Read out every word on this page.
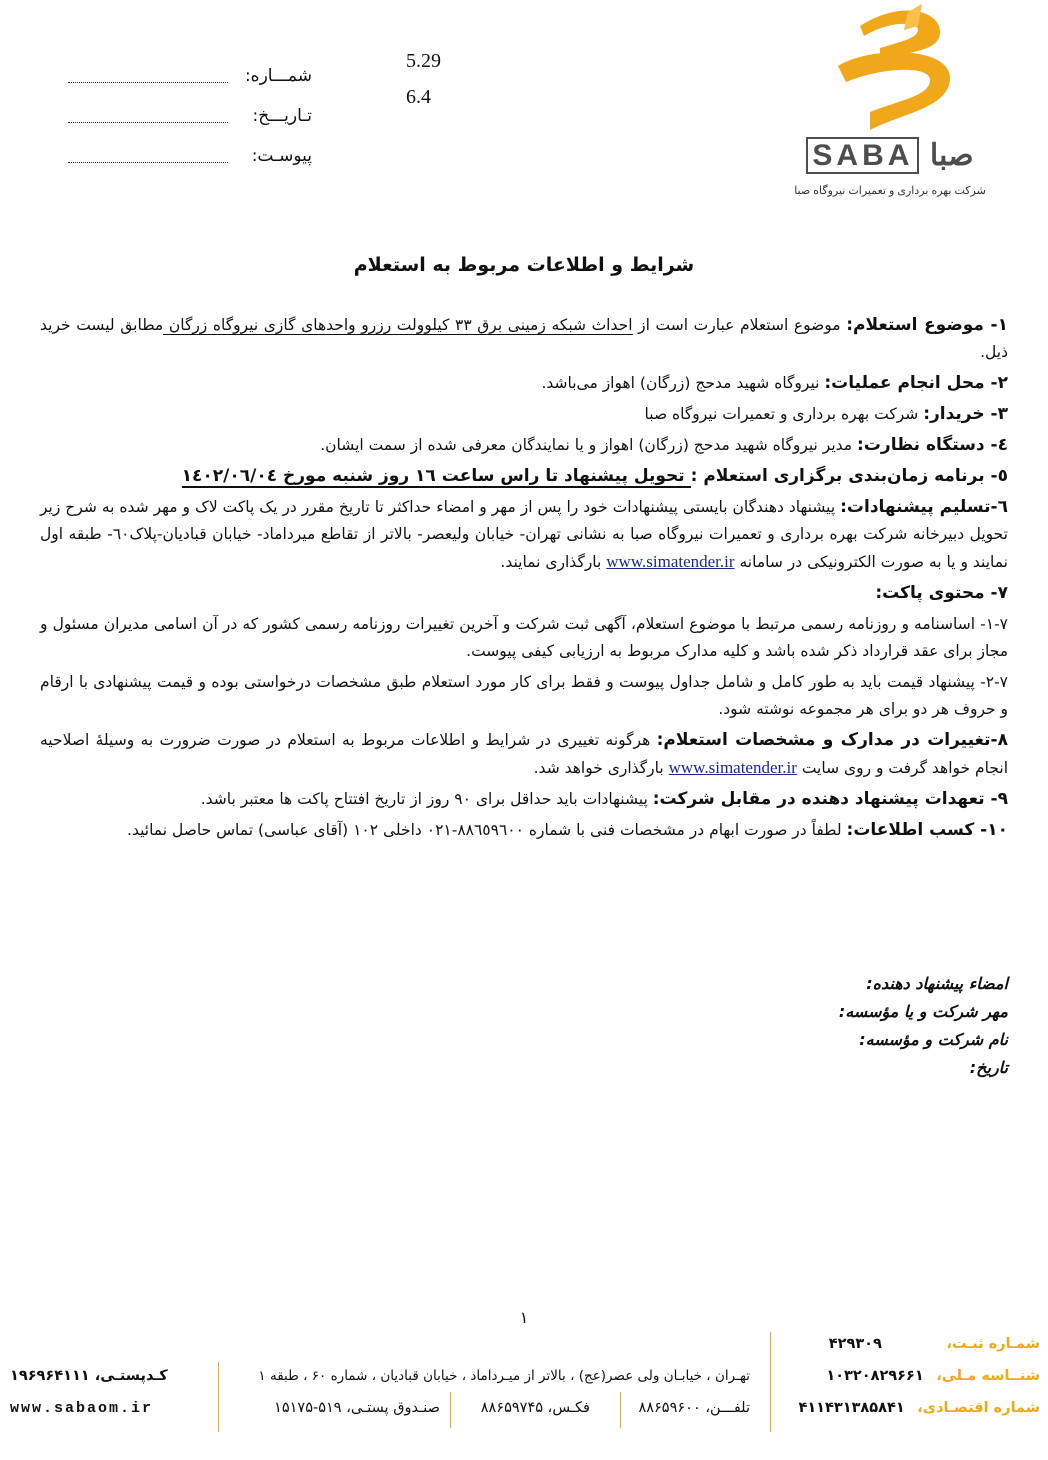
SABA صبا
شرکت بهره برداری و تعمیرات نیروگاه صبا
شمـــاره:
5.29
تـاریـــخ:
6.4
پیوسـت:
شرایط و اطلاعات مربوط به استعلام

۱- موضوع استعلام: موضوع استعلام عبارت است از احداث شبکه زمینی برق ۳۳ کیلوولت رزرو واحدهای گازی نیروگاه زرگان مطابق لیست خرید ذیل.

۲- محل انجام عملیات: نیروگاه شهید مدحج (زرگان) اهواز می‌باشد.

۳- خریدار: شرکت بهره برداری و تعمیرات نیروگاه صبا

٤- دستگاه نظارت: مدیر نیروگاه شهید مدحج (زرگان) اهواز و یا نمایندگان معرفی شده از سمت ایشان.

٥- برنامه زمان‌بندی برگزاری استعلام : تحویل پیشنهاد تا راس ساعت ١٦ روز شنبه مورخ ١٤٠٢/٠٦/٠٤

٦-تسلیم پیشنهادات: پیشنهاد دهندگان بایستی پیشنهادات خود را پس از مهر و امضاء حداکثر تا تاریخ مقرر در یک پاکت لاک و مهر شده به شرح زیر تحویل دبیرخانه شرکت بهره برداری و تعمیرات نیروگاه صبا به نشانی تهران- خیابان ولیعصر- بالاتر از تقاطع میرداماد- خیابان قبادیان-پلاک٦٠- طبقه اول نمایند و یا به صورت الکترونیکی در سامانه www.simatender.ir بارگذاری نمایند.

٧- محتوی پاکت:

٧-١- اساسنامه و روزنامه رسمی مرتبط با موضوع استعلام، آگهی ثبت شرکت و آخرین تغییرات روزنامه رسمی کشور که در آن اسامی مدیران مسئول و مجاز برای عقد قرارداد ذکر شده باشد و کلیه مدارک مربوط به ارزیابی کیفی پیوست.

٧-٢- پیشنهاد قیمت باید به طور کامل و شامل جداول پیوست و فقط برای کار مورد استعلام طبق مشخصات درخواستی بوده و قیمت پیشنهادی با ارقام و حروف هر دو برای هر مجموعه نوشته شود.

٨-تغییرات در مدارک و مشخصات استعلام: هرگونه تغییری در شرایط و اطلاعات مربوط به استعلام در صورت ضرورت به وسیلهٔ اصلاحیه انجام خواهد گرفت و روی سایت www.simatender.ir بارگذاری خواهد شد.

٩- تعهدات پیشنهاد دهنده در مقابل شرکت: پیشنهادات باید حداقل برای ٩٠ روز از تاریخ افتتاح پاکت ها معتبر باشد.

١٠- کسب اطلاعات: لطفاً در صورت ابهام در مشخصات فنی با شماره ٨٨٦٥٩٦٠٠-٠٢١ داخلی ١٠٢ (آقای عباسی) تماس حاصل نمائید.

امضاء پیشنهاد دهنده:
مهر شرکت و یا مؤسسه:
نام شرکت و مؤسسه:
تاریخ:
۱
شمـاره ثبـت، ۴۲۹۳۰۹
شنــاسه مـلی، ۱۰۳۲۰۸۲۹۶۶۱
شماره اقتصـادی، ۴۱۱۴۳۱۳۸۵۸۴۱
تهـران ، خیابـان ولی عصر(عج) ، بالاتر از میـرداماد ، خیابان قبادیان ، شماره ۶۰ ، طبقه ۱
تلفـــن، ۸۸۶۵۹۶۰۰
فکـس، ۸۸۶۵۹۷۴۵
صنـدوق پستـی، ۵۱۹-۱۵۱۷۵
کـدپستـی، ۱۹۶۹۶۴۱۱۱
www.sabaom.ir
